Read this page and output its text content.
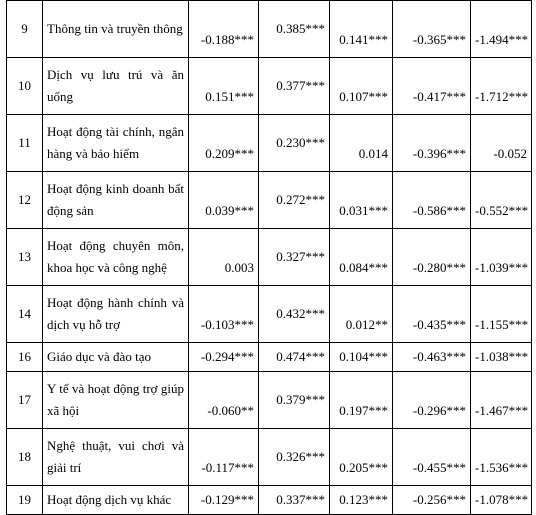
9	Thông tin và truyền thông	-0.188***	0.385***	0.141***	-0.365***	-1.494***
10	Dịch vụ lưu trú và ăn uống	0.151***	0.377***	0.107***	-0.417***	-1.712***
11	Hoạt động tài chính, ngân hàng và bảo hiểm	0.209***	0.230***	0.014	-0.396***	-0.052
12	Hoạt động kinh doanh bất động sản	0.039***	0.272***	0.031***	-0.586***	-0.552***
13	Hoạt động chuyên môn, khoa học và công nghệ	0.003	0.327***	0.084***	-0.280***	-1.039***
14	Hoạt động hành chính và dịch vụ hỗ trợ	-0.103***	0.432***	0.012**	-0.435***	-1.155***
16	Giáo dục và đào tạo	-0.294***	0.474***	0.104***	-0.463***	-1.038***
17	Y tế và hoạt động trợ giúp xã hội	-0.060**	0.379***	0.197***	-0.296***	-1.467***
18	Nghệ thuật, vui chơi và giải trí	-0.117***	0.326***	0.205***	-0.455***	-1.536***
19	Hoạt động dịch vụ khác	-0.129***	0.337***	0.123***	-0.256***	-1.078***
